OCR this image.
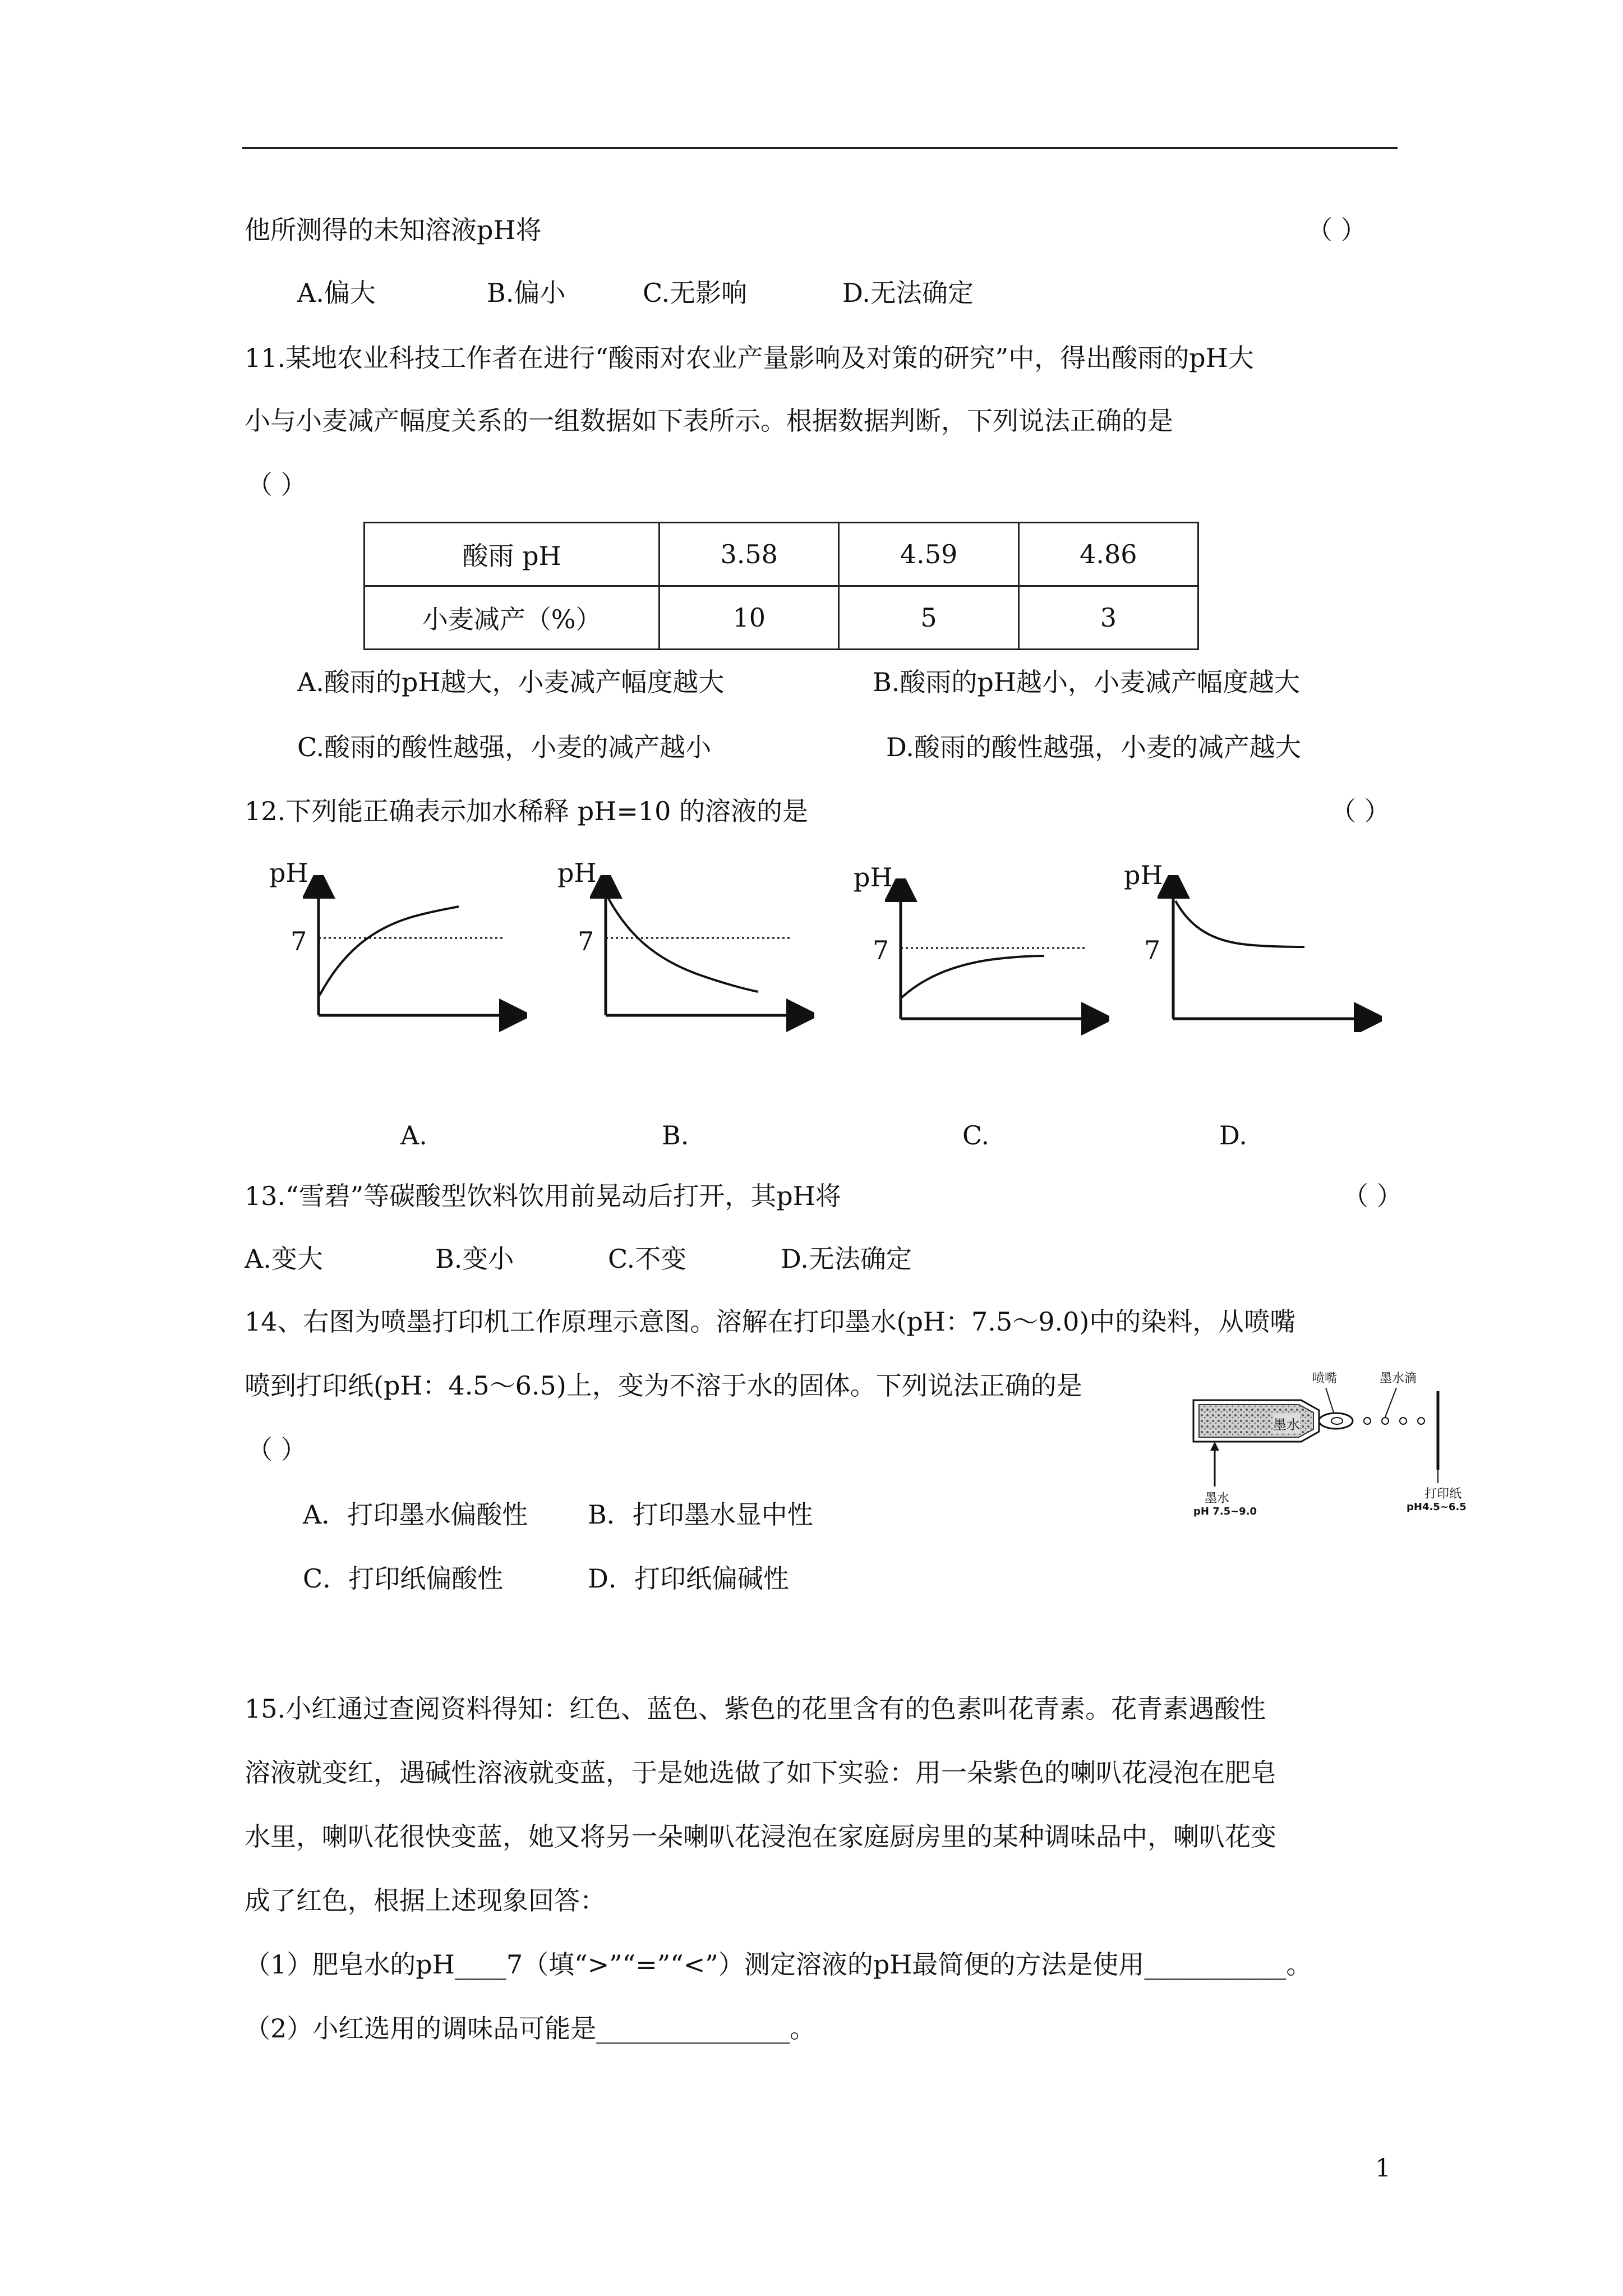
他所测得的未知溶液pH将	（ ）
A.偏大	B.偏小	C.无影响	D.无法确定
11.某地农业科技工作者在进行“酸雨对农业产量影响及对策的研究”中，得出酸雨的pH大
小与小麦减产幅度关系的一组数据如下表所示。根据数据判断，下列说法正确的是
（ ）
酸雨 pH	3.58	4.59	4.86
小麦减产（%）	10	5	3
A.酸雨的pH越大，小麦减产幅度越大	B.酸雨的pH越小，小麦减产幅度越大
C.酸雨的酸性越强，小麦的减产越小	D.酸雨的酸性越强，小麦的减产越大
12.下列能正确表示加水稀释 pH=10 的溶液的是	（ ）
pH
7
A.
pH
7
B.
pH
7
C.
pH
7
D.
13.“雪碧”等碳酸型饮料饮用前晃动后打开，其pH将	（ ）
A.变大	B.变小	C.不变	D.无法确定
14、右图为喷墨打印机工作原理示意图。溶解在打印墨水(pH：7.5～9.0)中的染料，从喷嘴
喷到打印纸(pH：4.5～6.5)上，变为不溶于水的固体。下列说法正确的是
（ ）
A．打印墨水偏酸性 B．打印墨水显中性
C．打印纸偏酸性	D．打印纸偏碱性
喷嘴	墨水滴
墨水
墨水
pH 7.5~9.0
打印纸
pH4.5~6.5
15.小红通过查阅资料得知：红色、蓝色、紫色的花里含有的色素叫花青素。花青素遇酸性
溶液就变红，遇碱性溶液就变蓝，于是她选做了如下实验：用一朵紫色的喇叭花浸泡在肥皂
水里，喇叭花很快变蓝，她又将另一朵喇叭花浸泡在家庭厨房里的某种调味品中，喇叭花变
成了红色，根据上述现象回答：
（1）肥皂水的pH____7（填“>”“=”“<”）测定溶液的pH最简便的方法是使用___________。
（2）小红选用的调味品可能是_______________。
1
